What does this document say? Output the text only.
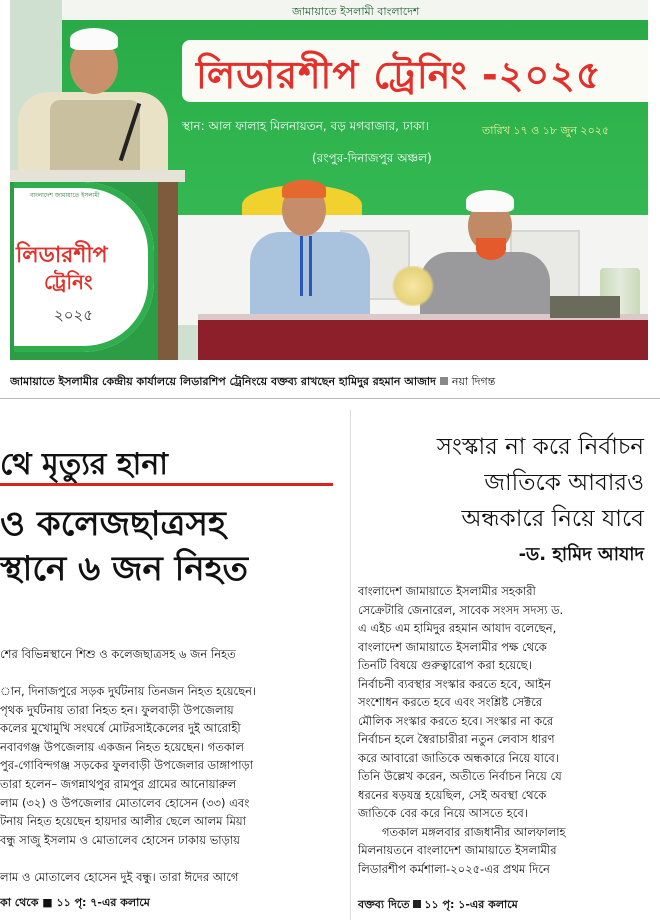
জামায়াতে ইসলামী বাংলাদেশ
লিডারশীপ ট্রেনিং -২০২৫
স্থান: আল ফালাহ মিলনায়তন, বড় মগবাজার, ঢাকা।	তারিখ ১৭ ও ১৮ জুন ২০২৫
(রংপুর-দিনাজপুর অঞ্চল)
বাংলাদেশ জামায়াতে ইসলামী
লিডারশীপ
ট্রেনিং
২০২৫
জামায়াতে ইসলামীর কেন্দ্রীয় কার্যালয়ে লিডারশিপ ট্রেনিংয়ে বক্তব্য রাখছেন হামিদুর রহমান আজাদ নয়া দিগন্ত
থে মৃত্যুর হানা
ও কলেজছাত্রসহ
স্থানে ৬ জন নিহত
শের বিভিন্নস্থানে শিশু ও কলেজছাত্রসহ ৬ জন নিহত

ান, দিনাজপুরে সড়ক দুর্ঘটনায় তিনজন নিহত হয়েছেন।

পৃথক দুর্ঘটনায় তারা নিহত হন। ফুলবাড়ী উপজেলায়

কলের মুখোমুখি সংঘর্ষে মোটরসাইকেলের দুই আরোহী

নবাবগঞ্জ উপজেলায় একজন নিহত হয়েছেন। গতকাল

পুর-গোবিন্দগঞ্জ সড়কের ফুলবাড়ী উপজেলার ডাঙ্গাপাড়া

তারা হলেন– জগন্নাথপুর রামপুর গ্রামের আনোয়ারুল

লাম (৩২) ও উপজেলার মোতালেব হোসেন (৩৩) এবং

টনায় নিহত হয়েছেন হায়দার আলীর ছেলে আলম মিয়া

বন্ধু সাজু ইসলাম ও মোতালেব হোসেন ঢাকায় ভাড়ায়

লাম ও মোতালেব হোসেন দুই বন্ধু। তারা ঈদের আগে

কা থেকে ■ ১১ পৃ: ৭-এর কলামে
সংস্কার না করে নির্বাচন
জাতিকে আবারও
অন্ধকারে নিয়ে যাবে
-ড. হামিদ আযাদ

বাংলাদেশ জামায়াতে ইসলামীর সহকারী

সেক্রেটারি জেনারেল, সাবেক সংসদ সদস্য ড.

এ এইচ এম হামিদুর রহমান আযাদ বলেছেন,

বাংলাদেশ জামায়াতে ইসলামীর পক্ষ থেকে

তিনটি বিষয়ে গুরুত্বারোপ করা হয়েছে।

নির্বাচনী ব্যবস্থার সংস্কার করতে হবে, আইন

সংশোধন করতে হবে এবং সংশ্লিষ্ট সেক্টরে

মৌলিক সংস্কার করতে হবে। সংস্কার না করে

নির্বাচন হলে স্বৈরাচারীরা নতুন লেবাস ধারণ

করে আবারো জাতিকে অন্ধকারে নিয়ে যাবে।

তিনি উল্লেখ করেন, অতীতে নির্বাচন নিয়ে যে

ধরনের ষড়যন্ত্র হয়েছিল, সেই অবস্থা থেকে

জাতিকে বের করে নিয়ে আসতে হবে।

গতকাল মঙ্গলবার রাজধানীর আলফালাহ

মিলনায়তনে বাংলাদেশ জামায়াতে ইসলামীর

লিডারশীপ কর্মশালা-২০২৫-এর প্রথম দিনে

বক্তব্য দিতে ১১ পৃ: ১-এর কলামে
